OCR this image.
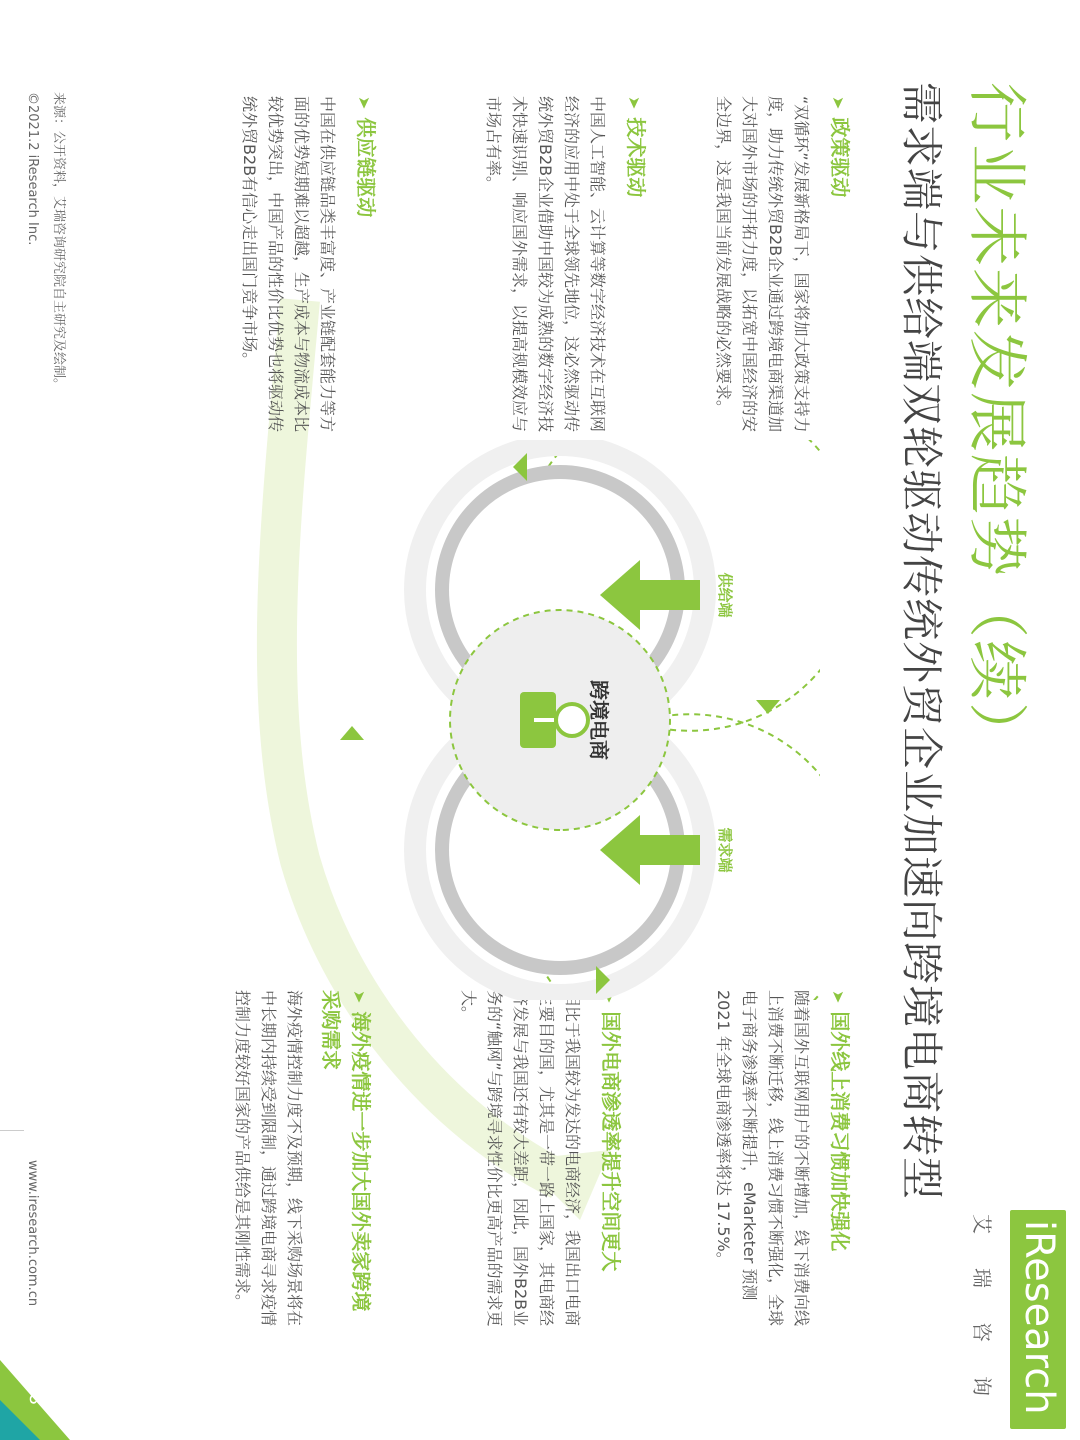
行业未来发展趋势（续）
需求端与供给端双轮驱动传统外贸企业加速向跨境电商转型
iResearch
艾瑞咨询
➤政策驱动
“双循环”发展新格局下，国家将加大政策支持力度，助力传统外贸B2B企业通过跨境电商渠道加大对国外市场的开拓力度，以拓宽中国经济的安全边界，这是我国当前发展战略的必然要求。
➤技术驱动
中国人工智能、云计算等数字经济技术在互联网经济的应用中处于全球领先地位，这必然驱动传统外贸B2B企业借助中国较为成熟的数字经济技术快速识别、响应国外需求，以提高规模效应与市场占有率。
➤供应链驱动
中国在供应链品类丰富度、产业链配套能力等方面的优势短期难以超越，生产成本与物流成本比较优势突出，中国产品的性价比优势也将驱动传统外贸B2B有信心走出国门竞争市场。
➤国外线上消费习惯加快强化
随着国外互联网用户的不断增加，线下消费向线上消费不断迁移，线上消费习惯不断强化，全球电子商务渗透率不断提升，eMarketer 预测 2021 年全球电商渗透率将达 17.5%。
➤国外电商渗透率提升空间更大
相比于我国较为发达的电商经济，我国出口电商主要目的国，尤其是一带一路上国家，其电商经济发展与我国还有较大差距，因此，国外B2B业务的“触网”与跨境寻求性价比更高产品的需求更大。
➤海外疫情进一步加大国外卖家跨境采购需求
海外疫情控制力度不及预期，线下采购场景将在中长期内持续受到限制，通过跨境电商寻求疫情控制力度较好国家的产品供给是其刚性需求。
跨境电商
供给端
需求端
来源：公开资料，艾瑞咨询研究院自主研究及绘制。
©2021.2 iResearch Inc.
www.iresearch.com.cn
48
